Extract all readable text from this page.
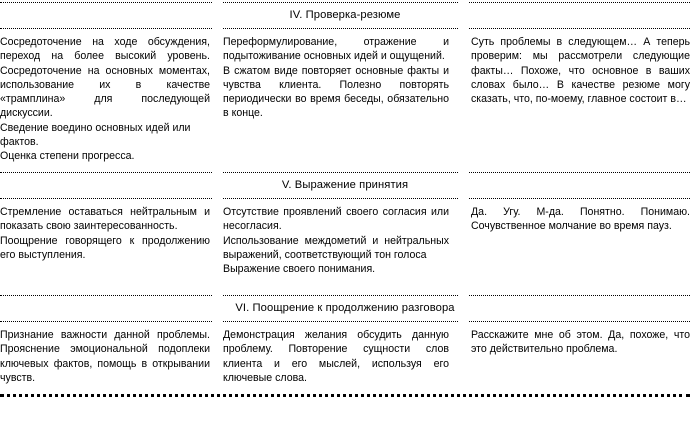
IV. Проверка-резюме

Сосредоточение на ходе обсуждения, переход на более высокий уровень. Сосредоточение на основных моментах, использование их в качестве «трамплина» для последующей дискуссии.

Сведение воедино основных идей или фактов.

Оценка степени прогресса.

Переформулирование, отражение и подытоживание основных идей и ощущений.

В сжатом виде повторяет основные факты и чувства клиента. Полезно повторять периодически во время беседы, обязательно в конце.

Суть проблемы в следующем… А теперь проверим: мы рассмотрели следующие факты… Похоже, что основное в ваших словах было… В качестве резюме могу сказать, что, по-моему, главное состоит в…

V. Выражение принятия

Стремление оставаться нейтральным и показать свою заинтересованность.

Поощрение говорящего к продолжению его выступления.

Отсутствие проявлений своего согласия или несогласия.

Использование междометий и нейтральных выражений, соответствующий тон голоса

Выражение своего понимания.

Да. Угу. М-да. Понятно. Понимаю. Сочувственное молчание во время пауз.

VI. Поощрение к продолжению разговора

Признание важности данной проблемы. Прояснение эмоциональной подоплеки ключевых фактов, помощь в открывании чувств.

Демонстрация желания обсудить данную проблему. Повторение сущности слов клиента и его мыслей, используя его ключевые слова.

Расскажите мне об этом. Да, похоже, что это действительно проблема.
